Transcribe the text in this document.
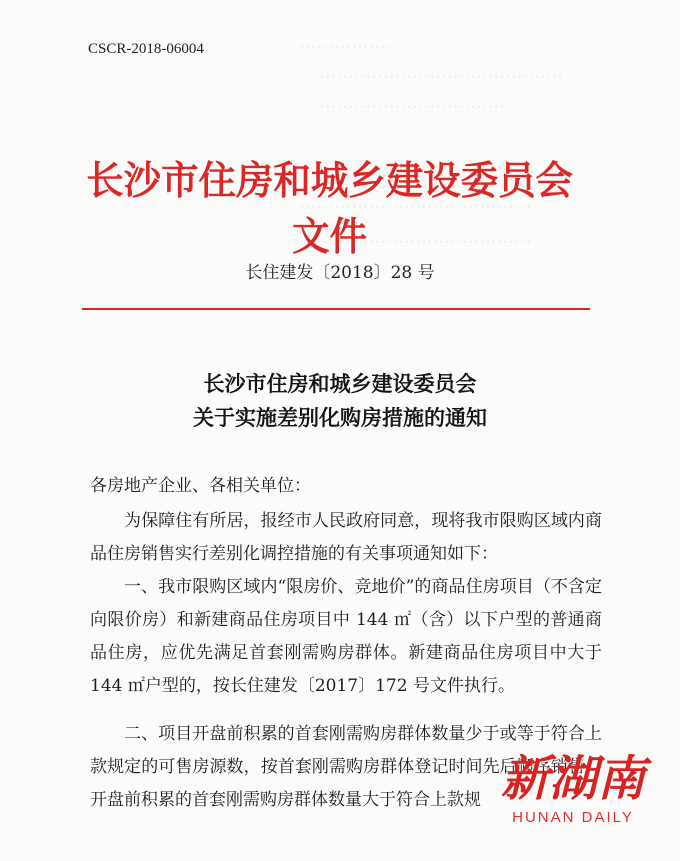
················
··········································
································
········································
········································
CSCR-2018-06004
长沙市住房和城乡建设委员会文件
长住建发〔2018〕28 号
长沙市住房和城乡建设委员会
关于实施差别化购房措施的通知
各房地产企业、各相关单位：
为保障住有所居，报经市人民政府同意，现将我市限购区域内商品住房销售实行差别化调控措施的有关事项通知如下：
一、我市限购区域内“限房价、竞地价”的商品住房项目（不含定向限价房）和新建商品住房项目中 144 ㎡（含）以下户型的普通商品住房，应优先满足首套刚需购房群体。新建商品住房项目中大于 144 ㎡户型的，按长住建发〔2017〕172 号文件执行。
二、项目开盘前积累的首套刚需购房群体数量少于或等于符合上款规定的可售房源数，按首套刚需购房群体登记时间先后顺序销售；开盘前积累的首套刚需购房群体数量大于符合上款规 新湖南
HUNAN DAILY
